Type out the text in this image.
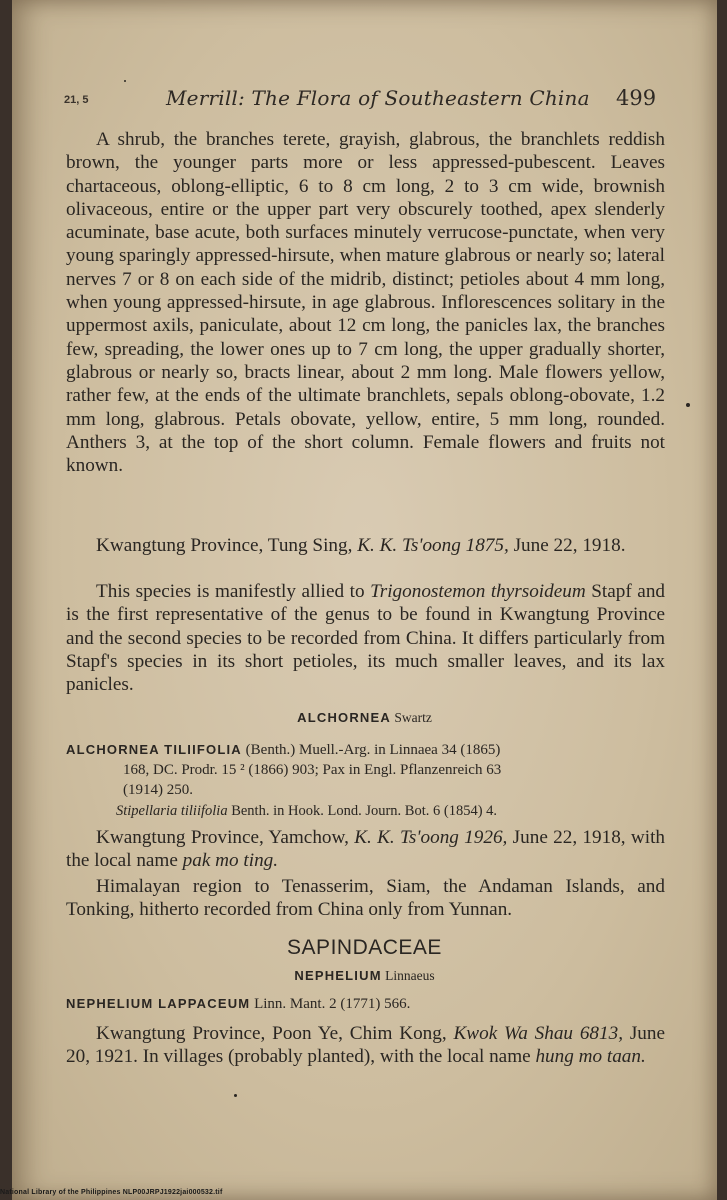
21, 5	Merrill: The Flora of Southeastern China 499
A shrub, the branches terete, grayish, glabrous, the branchlets reddish brown, the younger parts more or less appressed-pubescent. Leaves chartaceous, oblong-elliptic, 6 to 8 cm long, 2 to 3 cm wide, brownish olivaceous, entire or the upper part very obscurely toothed, apex slenderly acuminate, base acute, both surfaces minutely verrucose-punctate, when very young sparingly appressed-hirsute, when mature glabrous or nearly so; lateral nerves 7 or 8 on each side of the midrib, distinct; petioles about 4 mm long, when young appressed-hirsute, in age glabrous. Inflorescences solitary in the uppermost axils, paniculate, about 12 cm long, the panicles lax, the branches few, spreading, the lower ones up to 7 cm long, the upper gradually shorter, glabrous or nearly so, bracts linear, about 2 mm long. Male flowers yellow, rather few, at the ends of the ultimate branchlets, sepals oblong-obovate, 1.2 mm long, glabrous. Petals obovate, yellow, entire, 5 mm long, rounded. Anthers 3, at the top of the short column. Female flowers and fruits not known.
Kwangtung Province, Tung Sing, K. K. Ts'oong 1875, June 22, 1918.
This species is manifestly allied to Trigonostemon thyrsoideum Stapf and is the first representative of the genus to be found in Kwangtung Province and the second species to be recorded from China. It differs particularly from Stapf's species in its short petioles, its much smaller leaves, and its lax panicles.
ALCHORNEA Swartz
ALCHORNEA TILIIFOLIA (Benth.) Muell.-Arg. in Linnaea 34 (1865)
168, DC. Prodr. 15 ² (1866) 903; Pax in Engl. Pflanzenreich 63
(1914) 250.
Stipellaria tiliifolia Benth. in Hook. Lond. Journ. Bot. 6 (1854) 4.
Kwangtung Province, Yamchow, K. K. Ts'oong 1926, June 22, 1918, with the local name pak mo ting.
Himalayan region to Tenasserim, Siam, the Andaman Islands, and Tonking, hitherto recorded from China only from Yunnan.
SAPINDACEAE
NEPHELIUM Linnaeus
NEPHELIUM LAPPACEUM Linn. Mant. 2 (1771) 566.
Kwangtung Province, Poon Ye, Chim Kong, Kwok Wa Shau 6813, June 20, 1921. In villages (probably planted), with the local name hung mo taan.
National Library of the Philippines NLP00JRPJ1922jai000532.tif
